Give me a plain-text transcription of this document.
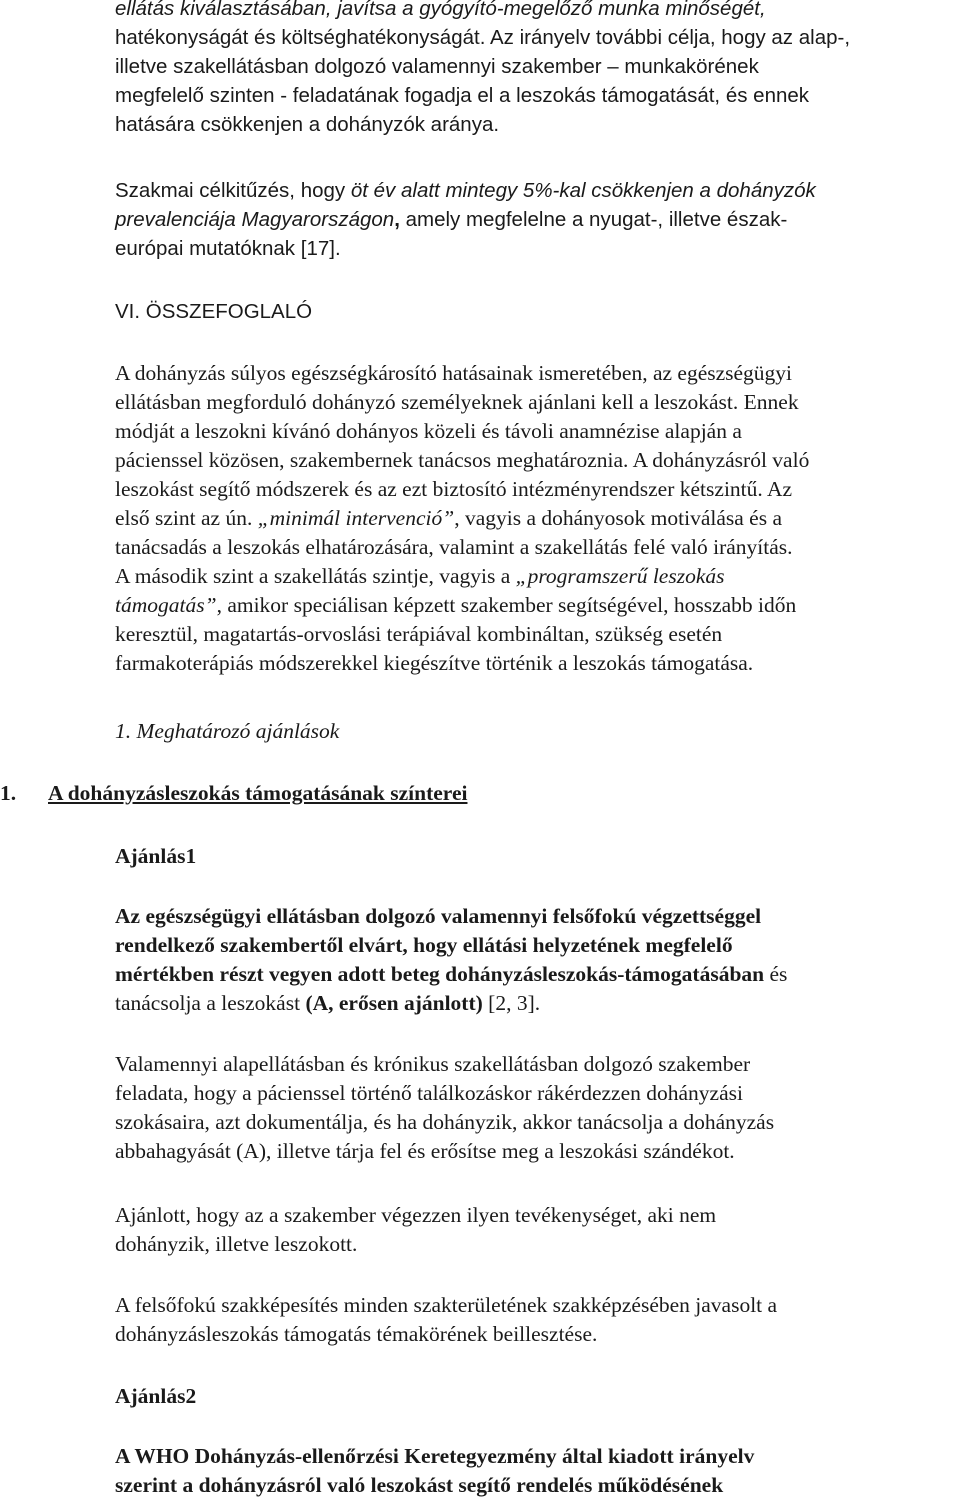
ellátás kiválasztásában, javítsa a gyógyító-megelőző munka minőségét,
hatékonyságát és költséghatékonyságát. Az irányelv további célja, hogy az alap-,
illetve szakellátásban dolgozó valamennyi szakember – munkakörének
megfelelő szinten - feladatának fogadja el a leszokás támogatását, és ennek
hatására csökkenjen a dohányzók aránya.

Szakmai célkitűzés, hogy öt év alatt mintegy 5%-kal csökkenjen a dohányzók
prevalenciája Magyarországon, amely megfelelne a nyugat-, illetve észak-
európai mutatóknak [17].

VI. ÖSSZEFOGLALÓ

A dohányzás súlyos egészségkárosító hatásainak ismeretében, az egészségügyi
ellátásban megforduló dohányzó személyeknek ajánlani kell a leszokást. Ennek
módját a leszokni kívánó dohányos közeli és távoli anamnézise alapján a
pácienssel közösen, szakembernek tanácsos meghatároznia. A dohányzásról való
leszokást segítő módszerek és az ezt biztosító intézményrendszer kétszintű. Az
első szint az ún. „minimál intervenció”, vagyis a dohányosok motiválása és a
tanácsadás a leszokás elhatározására, valamint a szakellátás felé való irányítás.
A második szint a szakellátás szintje, vagyis a „programszerű leszokás
támogatás”, amikor speciálisan képzett szakember segítségével, hosszabb időn
keresztül, magatartás-orvoslási terápiával kombináltan, szükség esetén
farmakoterápiás módszerekkel kiegészítve történik a leszokás támogatása.

1. Meghatározó ajánlások

1. A dohányzásleszokás támogatásának színterei

Ajánlás1

Az egészségügyi ellátásban dolgozó valamennyi felsőfokú végzettséggel
rendelkező szakembertől elvárt, hogy ellátási helyzetének megfelelő
mértékben részt vegyen adott beteg dohányzásleszokás-támogatásában és
tanácsolja a leszokást (A, erősen ajánlott) [2, 3].

Valamennyi alapellátásban és krónikus szakellátásban dolgozó szakember
feladata, hogy a pácienssel történő találkozáskor rákérdezzen dohányzási
szokásaira, azt dokumentálja, és ha dohányzik, akkor tanácsolja a dohányzás
abbahagyását (A), illetve tárja fel és erősítse meg a leszokási szándékot.

Ajánlott, hogy az a szakember végezzen ilyen tevékenységet, aki nem
dohányzik, illetve leszokott.

A felsőfokú szakképesítés minden szakterületének szakképzésében javasolt a
dohányzásleszokás támogatás témakörének beillesztése.

Ajánlás2

A WHO Dohányzás-ellenőrzési Keretegyezmény által kiadott irányelv
szerint a dohányzásról való leszokást segítő rendelés működésének
